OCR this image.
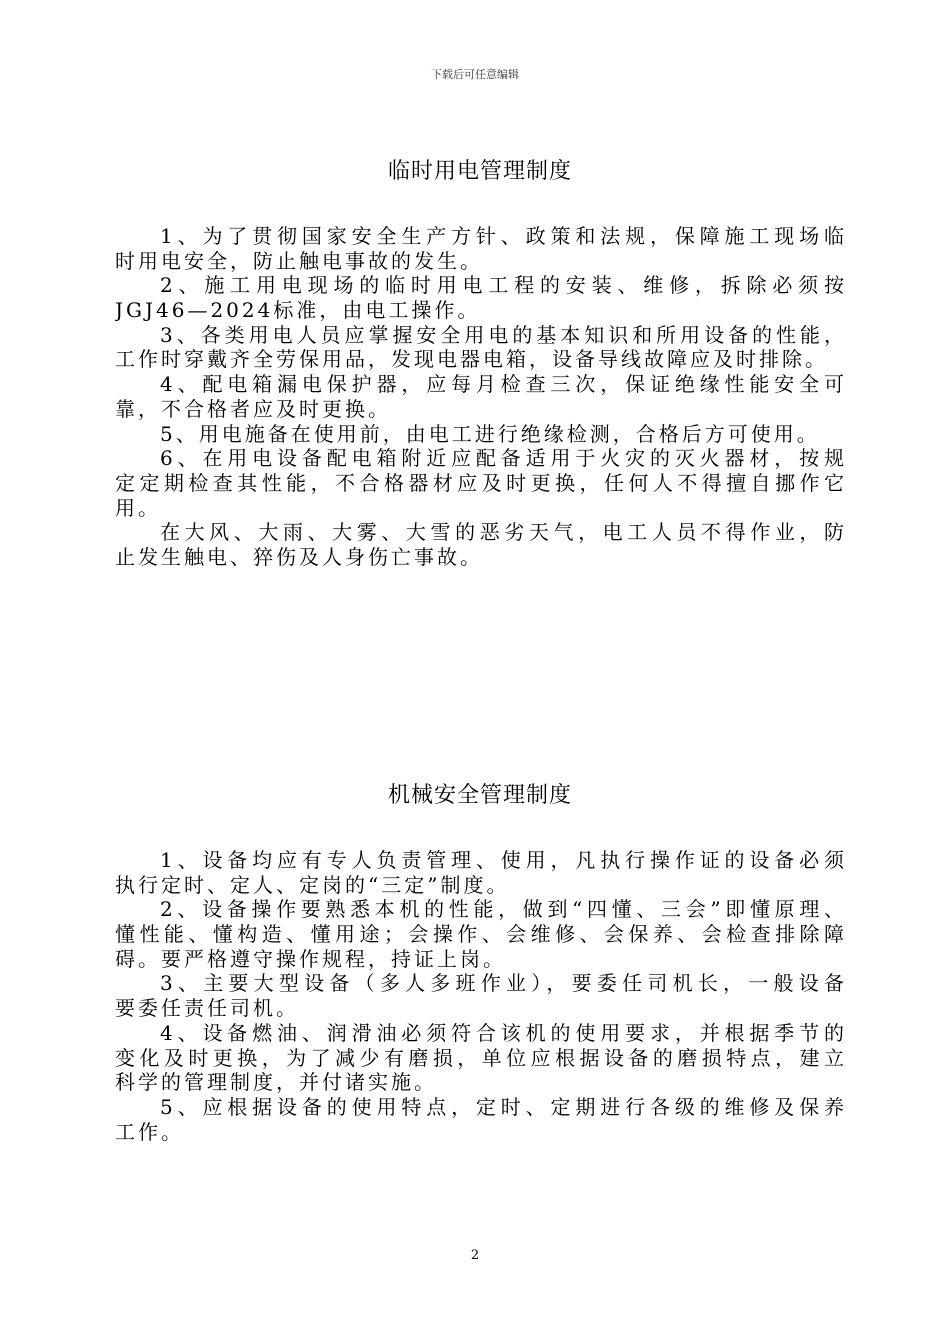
下载后可任意编辑
临时用电管理制度
1、为了贯彻国家安全生产方针、政策和法规，保障施工现场临
时用电安全，防止触电事故的发生。
2、施工用电现场的临时用电工程的安装、维修，拆除必须按
JGJ46—2024标准，由电工操作。
3、各类用电人员应掌握安全用电的基本知识和所用设备的性能，
工作时穿戴齐全劳保用品，发现电器电箱，设备导线故障应及时排除。
4、配电箱漏电保护器，应每月检查三次，保证绝缘性能安全可
靠，不合格者应及时更换。
5、用电施备在使用前，由电工进行绝缘检测，合格后方可使用。
6、在用电设备配电箱附近应配备适用于火灾的灭火器材，按规
定定期检查其性能，不合格器材应及时更换，任何人不得擅自挪作它
用。
在大风、大雨、大雾、大雪的恶劣天气，电工人员不得作业，防
止发生触电、猝伤及人身伤亡事故。
机械安全管理制度
1、设备均应有专人负责管理、使用，凡执行操作证的设备必须
执行定时、定人、定岗的“三定”制度。
2、设备操作要熟悉本机的性能，做到“四懂、三会”即懂原理、
懂性能、懂构造、懂用途；会操作、会维修、会保养、会检查排除障
碍。要严格遵守操作规程，持证上岗。
3、主要大型设备（多人多班作业），要委任司机长，一般设备
要委任责任司机。
4、设备燃油、润滑油必须符合该机的使用要求，并根据季节的
变化及时更换，为了减少有磨损，单位应根据设备的磨损特点，建立
科学的管理制度，并付诸实施。
5、应根据设备的使用特点，定时、定期进行各级的维修及保养
工作。
2
